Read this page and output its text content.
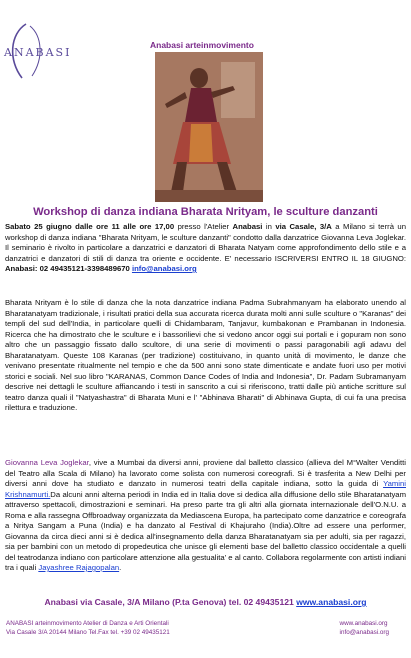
ANABASI
Anabasi arteinmovimento
Workshop di danza indiana Bharata Nrityam, le sculture danzanti

Sabato 25 giugno dalle ore 11 alle ore 17,00 presso l'Atelier Anabasi in via Casale, 3/A a Milano si terrà un workshop di danza indiana "Bharata Nrityam, le sculture danzanti" condotto dalla danzatrice Giovanna Leva Joglekar. Il seminario è rivolto in particolare a danzatrici e danzatori di Bharata Natyam come approfondimento dello stile e a danzatrici e danzatori di stili di danza tra oriente e occidente. E' necessario ISCRIVERSI ENTRO IL 18 GIUGNO: Anabasi: 02 49435121-3398489670 info@anabasi.org

Bharata Nrityam è lo stile di danza che la nota danzatrice indiana Padma Subrahmanyam ha elaborato unendo al Bharatanatyam tradizionale, i risultati pratici della sua accurata ricerca durata molti anni sulle sculture o "Karanas" dei templi del sud dell'India, in particolare quelli di Chidambaram, Tanjavur, kumbakonan e Prambanan in Indonesia. Ricerca che ha dimostrato che le sculture e i bassorilievi che si vedono ancor oggi sui portali e i gopuram non sono altro che un passaggio fissato dallo scultore, di una serie di movimenti o passi paragonabili agli adavu del Bharatanatyam. Queste 108 Karanas (per tradizione) costituivano, in quanto unità di movimento, le danze che venivano presentate ritualmente nel tempio e che da 500 anni sono state dimenticate e andate fuori uso per motivi storici e sociali. Nel suo libro "KARANAS, Common Dance Codes of India and Indonesia", Dr. Padam Subramanyam descrive nei dettagli le sculture affiancando i testi in sanscrito a cui si riferiscono, tratti dalle più antiche scritture sul teatro danza quali il "Natyashastra" di Bharata Muni e l' "Abhinava Bharati" di Abhinava Gupta, di cui fa una precisa rilettura e traduzione.

Giovanna Leva Joglekar, vive a Mumbai da diversi anni, proviene dal balletto classico (allieva del M°Walter Venditti del Teatro alla Scala di Milano) ha lavorato come solista con numerosi coreografi. Si è trasferita a New Delhi per diversi anni dove ha studiato e danzato in numerosi teatri della capitale indiana, sotto la guida di Yamini Krishnamurti.Da alcuni anni alterna periodi in India ed in Italia dove si dedica alla diffusione dello stile Bharatanatyam attraverso spettacoli, dimostrazioni e seminari. Ha preso parte tra gli altri alla giornata internazionale dell'O.N.U. a Roma e alla rassegna Offbroadway organizzata da Mediascena Europa, ha partecipato come danzatrice e coreografa a Nritya Sangam a Puna (India) e ha danzato al Festival di Khajuraho (India).Oltre ad essere una performer, Giovanna da circa dieci anni si è dedica all'insegnamento della danza Bharatanatyam sia per adulti, sia per ragazzi, sia per bambini con un metodo di propedeutica che unisce gli elementi base del balletto classico occidentale a quelli del teatrodanza indiano con particolare attenzione alla gestualita' e al canto. Collabora regolarmente con artisti indiani tra i quali Jayashree Rajagopalan.

Anabasi via Casale, 3/A Milano (P.ta Genova) tel. 02 49435121 www.anabasi.org
ANABASI arteinmovimento Atelier di Danza e Arti Orientali
Via Casale 3/A 20144 Milano Tel.Fax tel. +39 02 49435121
www.anabasi.org
info@anabasi.org
